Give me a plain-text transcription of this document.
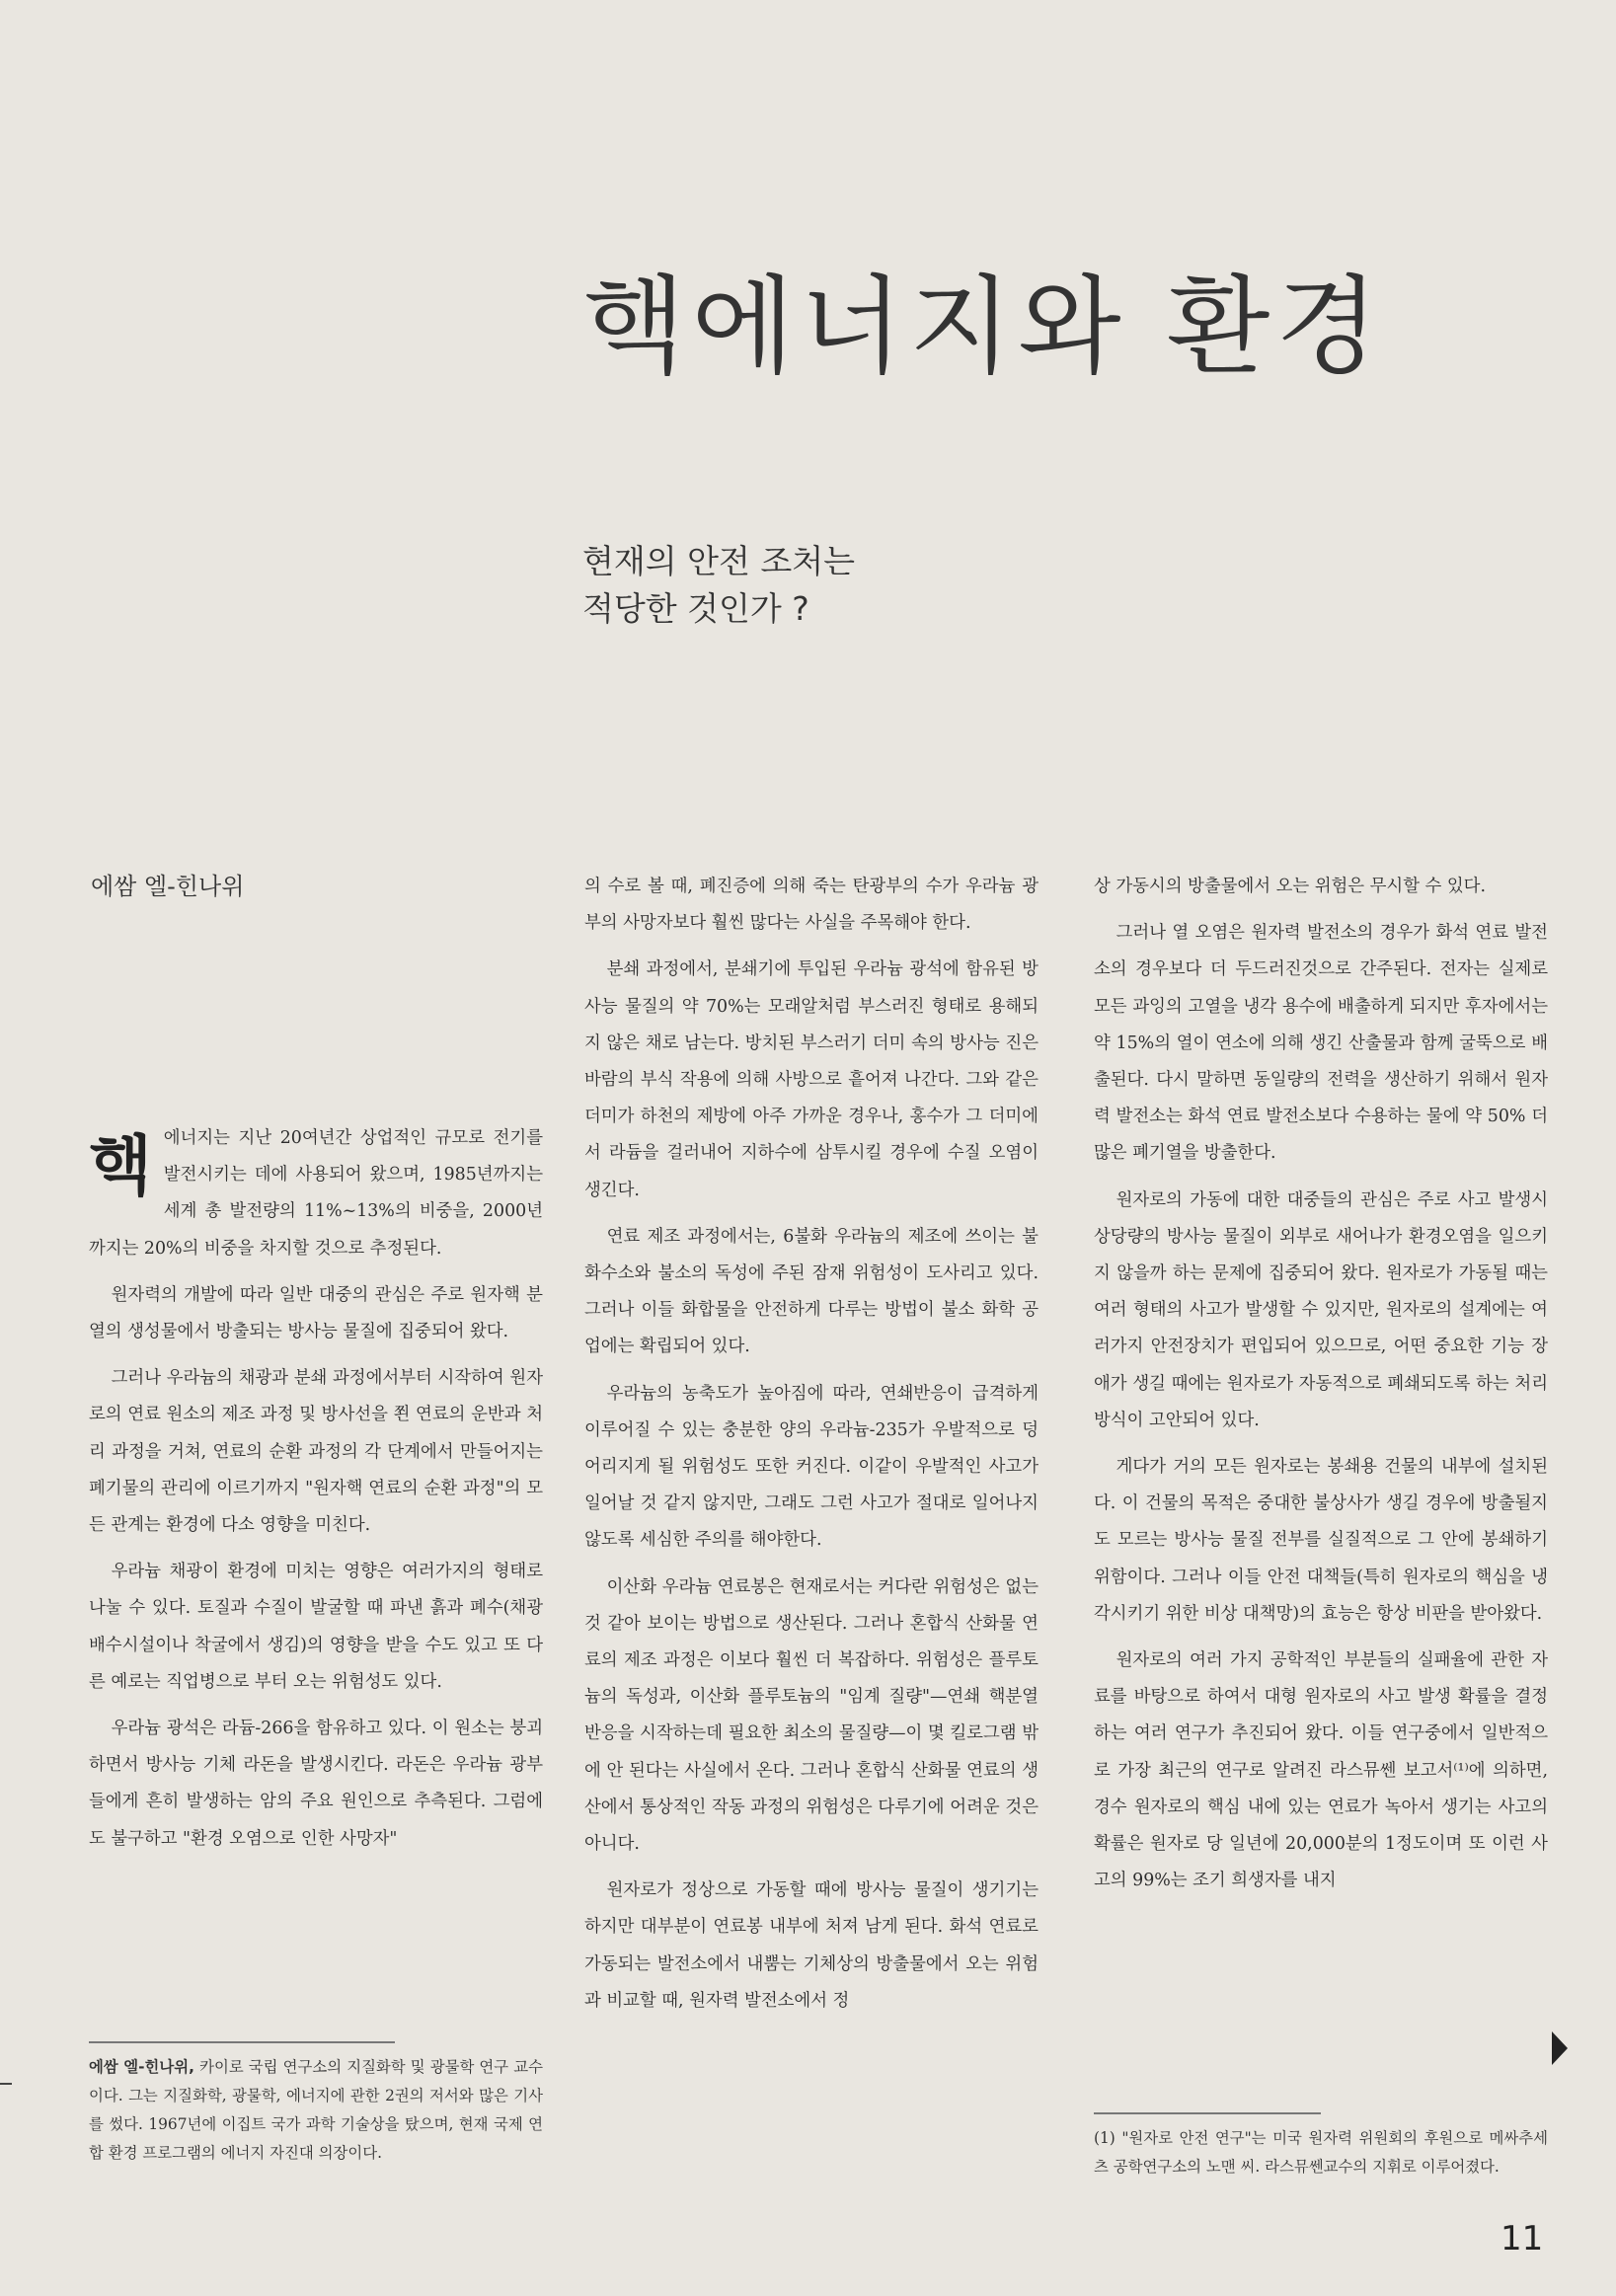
핵에너지와 환경
현재의 안전 조처는
적당한 것인가 ?
에쌈 엘-힌나위

핵에너지는 지난 20여년간 상업적인 규모로 전기를 발전시키는 데에 사용되어 왔으며, 1985년까지는 세계 총 발전량의 11%~13%의 비중을, 2000년 까지는 20%의 비중을 차지할 것으로 추정된다.

원자력의 개발에 따라 일반 대중의 관심은 주로 원자핵 분열의 생성물에서 방출되는 방사능 물질에 집중되어 왔다.

그러나 우라늄의 채광과 분쇄 과정에서부터 시작하여 원자로의 연료 원소의 제조 과정 및 방사선을 쬔 연료의 운반과 처리 과정을 거쳐, 연료의 순환 과정의 각 단계에서 만들어지는 폐기물의 관리에 이르기까지 "원자핵 연료의 순환 과정"의 모든 관계는 환경에 다소 영향을 미친다.

우라늄 채광이 환경에 미치는 영향은 여러가지의 형태로 나눌 수 있다. 토질과 수질이 발굴할 때 파낸 흙과 폐수(채광 배수시설이나 착굴에서 생김)의 영향을 받을 수도 있고 또 다른 예로는 직업병으로 부터 오는 위험성도 있다.

우라늄 광석은 라듐-266을 함유하고 있다. 이 원소는 붕괴하면서 방사능 기체 라돈을 발생시킨다. 라돈은 우라늄 광부들에게 흔히 발생하는 암의 주요 원인으로 추측된다. 그럼에도 불구하고 "환경 오염으로 인한 사망자"

의 수로 볼 때, 폐진증에 의해 죽는 탄광부의 수가 우라늄 광부의 사망자보다 훨씬 많다는 사실을 주목해야 한다.

분쇄 과정에서, 분쇄기에 투입된 우라늄 광석에 함유된 방사능 물질의 약 70%는 모래알처럼 부스러진 형태로 용해되지 않은 채로 남는다. 방치된 부스러기 더미 속의 방사능 진은 바람의 부식 작용에 의해 사방으로 흩어져 나간다. 그와 같은 더미가 하천의 제방에 아주 가까운 경우나, 홍수가 그 더미에서 라듐을 걸러내어 지하수에 삼투시킬 경우에 수질 오염이 생긴다.

연료 제조 과정에서는, 6불화 우라늄의 제조에 쓰이는 불화수소와 불소의 독성에 주된 잠재 위험성이 도사리고 있다. 그러나 이들 화합물을 안전하게 다루는 방법이 불소 화학 공업에는 확립되어 있다.

우라늄의 농축도가 높아짐에 따라, 연쇄반응이 급격하게 이루어질 수 있는 충분한 양의 우라늄-235가 우발적으로 덩어리지게 될 위험성도 또한 커진다. 이같이 우발적인 사고가 일어날 것 같지 않지만, 그래도 그런 사고가 절대로 일어나지 않도록 세심한 주의를 해야한다.

이산화 우라늄 연료봉은 현재로서는 커다란 위험성은 없는 것 같아 보이는 방법으로 생산된다. 그러나 혼합식 산화물 연료의 제조 과정은 이보다 훨씬 더 복잡하다. 위험성은 플루토늄의 독성과, 이산화 플루토늄의 "임계 질량"—연쇄 핵분열 반응을 시작하는데 필요한 최소의 물질량—이 몇 킬로그램 밖에 안 된다는 사실에서 온다. 그러나 혼합식 산화물 연료의 생산에서 통상적인 작동 과정의 위험성은 다루기에 어려운 것은 아니다.

원자로가 정상으로 가동할 때에 방사능 물질이 생기기는 하지만 대부분이 연료봉 내부에 처져 남게 된다. 화석 연료로 가동되는 발전소에서 내뿜는 기체상의 방출물에서 오는 위험과 비교할 때, 원자력 발전소에서 정

상 가동시의 방출물에서 오는 위험은 무시할 수 있다.

그러나 열 오염은 원자력 발전소의 경우가 화석 연료 발전소의 경우보다 더 두드러진것으로 간주된다. 전자는 실제로 모든 과잉의 고열을 냉각 용수에 배출하게 되지만 후자에서는 약 15%의 열이 연소에 의해 생긴 산출물과 함께 굴뚝으로 배출된다. 다시 말하면 동일량의 전력을 생산하기 위해서 원자력 발전소는 화석 연료 발전소보다 수용하는 물에 약 50% 더 많은 폐기열을 방출한다.

원자로의 가동에 대한 대중들의 관심은 주로 사고 발생시 상당량의 방사능 물질이 외부로 새어나가 환경오염을 일으키지 않을까 하는 문제에 집중되어 왔다. 원자로가 가동될 때는 여러 형태의 사고가 발생할 수 있지만, 원자로의 설계에는 여러가지 안전장치가 편입되어 있으므로, 어떤 중요한 기능 장애가 생길 때에는 원자로가 자동적으로 폐쇄되도록 하는 처리 방식이 고안되어 있다.

게다가 거의 모든 원자로는 봉쇄용 건물의 내부에 설치된다. 이 건물의 목적은 중대한 불상사가 생길 경우에 방출될지도 모르는 방사능 물질 전부를 실질적으로 그 안에 봉쇄하기 위함이다. 그러나 이들 안전 대책들(특히 원자로의 핵심을 냉각시키기 위한 비상 대책망)의 효능은 항상 비판을 받아왔다.

원자로의 여러 가지 공학적인 부분들의 실패율에 관한 자료를 바탕으로 하여서 대형 원자로의 사고 발생 확률을 결정하는 여러 연구가 추진되어 왔다. 이들 연구중에서 일반적으로 가장 최근의 연구로 알려진 라스뮤쎈 보고서⁽¹⁾에 의하면, 경수 원자로의 핵심 내에 있는 연료가 녹아서 생기는 사고의 확률은 원자로 당 일년에 20,000분의 1정도이며 또 이런 사고의 99%는 조기 희생자를 내지

에쌈 엘-힌나위, 카이로 국립 연구소의 지질화학 및 광물학 연구 교수이다. 그는 지질화학, 광물학, 에너지에 관한 2권의 저서와 많은 기사를 썼다. 1967년에 이집트 국가 과학 기술상을 탔으며, 현재 국제 연합 환경 프로그램의 에너지 자진대 의장이다.
(1) "원자로 안전 연구"는 미국 원자력 위원회의 후원으로 메싸추세츠 공학연구소의 노맨 씨. 라스뮤쎈교수의 지휘로 이루어졌다.
11
